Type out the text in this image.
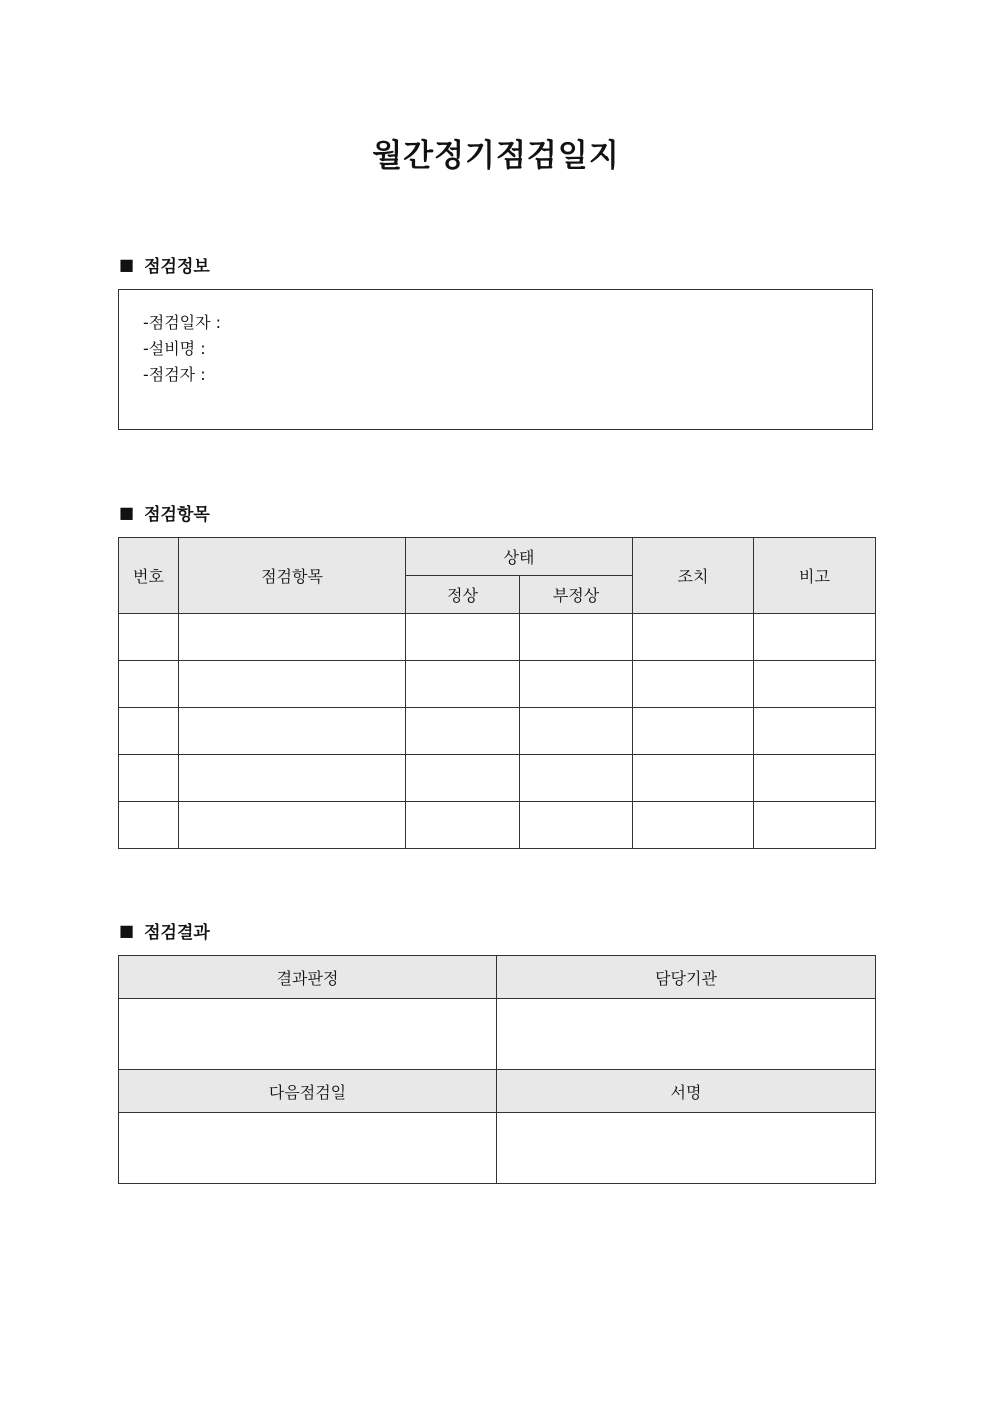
월간정기점검일지
■ 점검정보
-점검일자 :
-설비명 :
-점검자 :
■ 점검항목
번호	점검항목	상태		조치	비고
		정상	부정상		

■ 점검결과
결과판정	담당기관

다음점검일	서명
